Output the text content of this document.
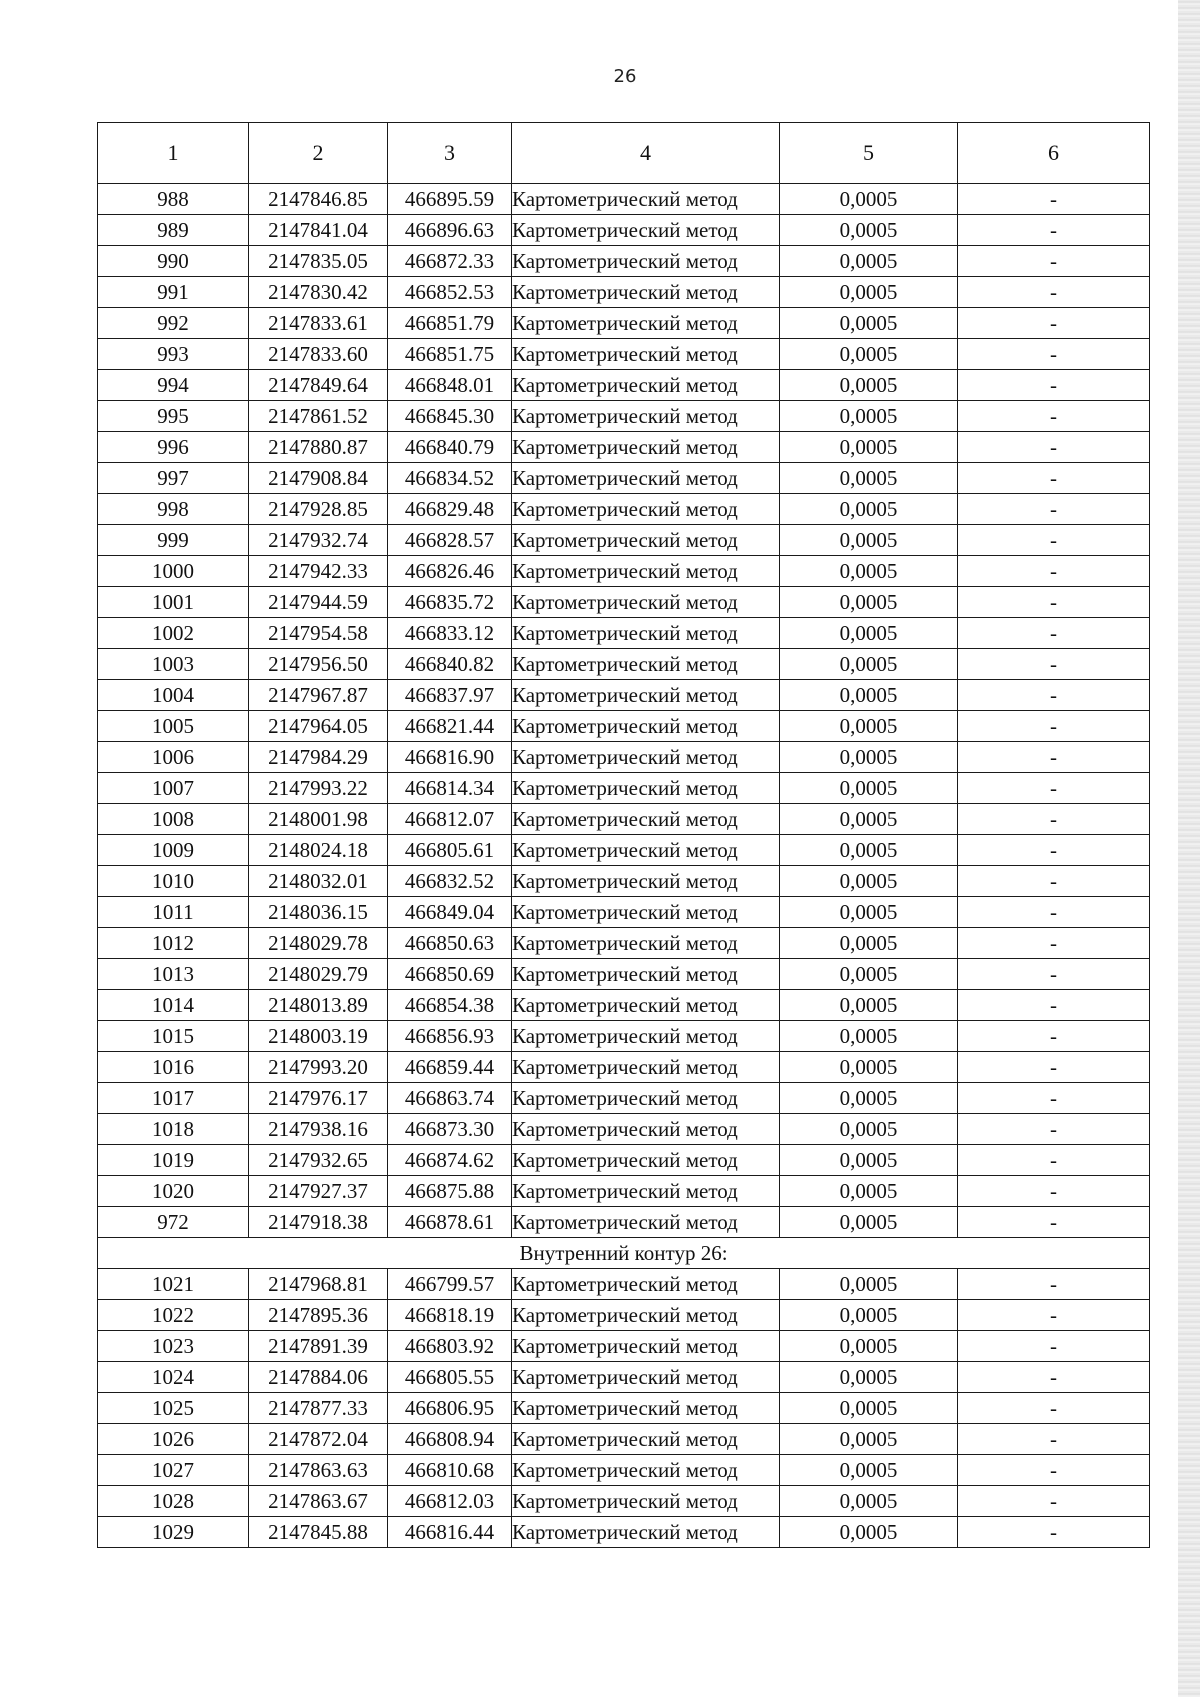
26
1	2	3	4	5	6
988	2147846.85	466895.59	Картометрический метод	0,0005	-
989	2147841.04	466896.63	Картометрический метод	0,0005	-
990	2147835.05	466872.33	Картометрический метод	0,0005	-
991	2147830.42	466852.53	Картометрический метод	0,0005	-
992	2147833.61	466851.79	Картометрический метод	0,0005	-
993	2147833.60	466851.75	Картометрический метод	0,0005	-
994	2147849.64	466848.01	Картометрический метод	0,0005	-
995	2147861.52	466845.30	Картометрический метод	0,0005	-
996	2147880.87	466840.79	Картометрический метод	0,0005	-
997	2147908.84	466834.52	Картометрический метод	0,0005	-
998	2147928.85	466829.48	Картометрический метод	0,0005	-
999	2147932.74	466828.57	Картометрический метод	0,0005	-
1000	2147942.33	466826.46	Картометрический метод	0,0005	-
1001	2147944.59	466835.72	Картометрический метод	0,0005	-
1002	2147954.58	466833.12	Картометрический метод	0,0005	-
1003	2147956.50	466840.82	Картометрический метод	0,0005	-
1004	2147967.87	466837.97	Картометрический метод	0,0005	-
1005	2147964.05	466821.44	Картометрический метод	0,0005	-
1006	2147984.29	466816.90	Картометрический метод	0,0005	-
1007	2147993.22	466814.34	Картометрический метод	0,0005	-
1008	2148001.98	466812.07	Картометрический метод	0,0005	-
1009	2148024.18	466805.61	Картометрический метод	0,0005	-
1010	2148032.01	466832.52	Картометрический метод	0,0005	-
1011	2148036.15	466849.04	Картометрический метод	0,0005	-
1012	2148029.78	466850.63	Картометрический метод	0,0005	-
1013	2148029.79	466850.69	Картометрический метод	0,0005	-
1014	2148013.89	466854.38	Картометрический метод	0,0005	-
1015	2148003.19	466856.93	Картометрический метод	0,0005	-
1016	2147993.20	466859.44	Картометрический метод	0,0005	-
1017	2147976.17	466863.74	Картометрический метод	0,0005	-
1018	2147938.16	466873.30	Картометрический метод	0,0005	-
1019	2147932.65	466874.62	Картометрический метод	0,0005	-
1020	2147927.37	466875.88	Картометрический метод	0,0005	-
972	2147918.38	466878.61	Картометрический метод	0,0005	-
Внутренний контур 26:					
1021	2147968.81	466799.57	Картометрический метод	0,0005	-
1022	2147895.36	466818.19	Картометрический метод	0,0005	-
1023	2147891.39	466803.92	Картометрический метод	0,0005	-
1024	2147884.06	466805.55	Картометрический метод	0,0005	-
1025	2147877.33	466806.95	Картометрический метод	0,0005	-
1026	2147872.04	466808.94	Картометрический метод	0,0005	-
1027	2147863.63	466810.68	Картометрический метод	0,0005	-
1028	2147863.67	466812.03	Картометрический метод	0,0005	-
1029	2147845.88	466816.44	Картометрический метод	0,0005	-
